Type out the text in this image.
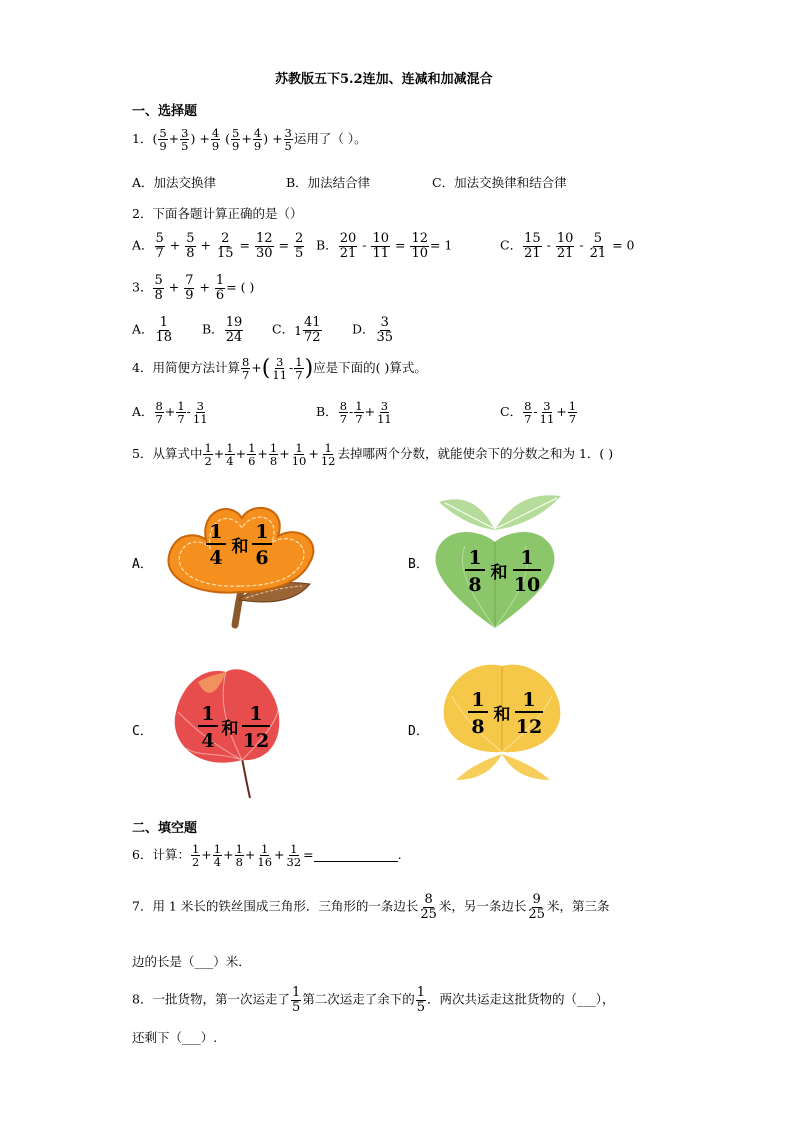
苏教版五下5.2连加、连减和加减混合
一、选择题
1．( $\frac{5}{9} + \frac{3}{5}$ ) + $\frac{4}{9}$ ( $\frac{5}{9} + \frac{4}{9}$ ) + $\frac{3}{5}$ 运用了（ ）。
A．加法交换律	B．加法结合律	C．加法交换律和结合律
2．下面各题计算正确的是（）
A． $\frac{5}{7} + \frac{5}{8} + \frac{2}{15} = \frac{12}{30} = \frac{2}{5}$ B． $\frac{20}{21} - \frac{10}{11} = \frac{12}{10} = 1$	C． $\frac{15}{21} - \frac{10}{21} - \frac{5}{21} = 0$
3． $\frac{5}{8} + \frac{7}{9} + \frac{1}{6}$ = ( )
A． $\frac{1}{18}$ B． $\frac{19}{24}$ C． $1 \frac{41}{72}$ D． $\frac{3}{35}$
4．用简便方法计算 $\frac{8}{7}$ +( $\frac{3}{11} - \frac{1}{7}$ )应是下面的( )算式。
A． $\frac{8}{7} + \frac{1}{7} - \frac{3}{11}$	B． $\frac{8}{7} - \frac{1}{7} + \frac{3}{11}$	C． $\frac{8}{7} - \frac{3}{11} + \frac{1}{7}$
5．从算式中 $\frac{1}{2} + \frac{1}{4} + \frac{1}{6} + \frac{1}{8} + \frac{1}{10} + \frac{1}{12}$ 去掉哪两个分数，就能使余下的分数之和为 1．( )
A．
1
4 和
1
6	B． 1
8
和
1
10
C．
1
4
和
1
12	D．
1
8
和
1
12
二、填空题
6．计算： $\frac{1}{2} + \frac{1}{4} + \frac{1}{8} + \frac{1}{16} + \frac{1}{32}$ =	.
7．用 1 米长的铁丝围成三角形．三角形的一条边长 $\frac{8}{25}$ 米，另一条边长 $\frac{9}{25}$ 米，第三条
边的长是（___）米．
8．一批货物，第一次运走了 $\frac{1}{5}$ 第二次运走了余下的 $\frac{1}{5}$ ．两次共运走这批货物的（___），
还剩下（___）.
